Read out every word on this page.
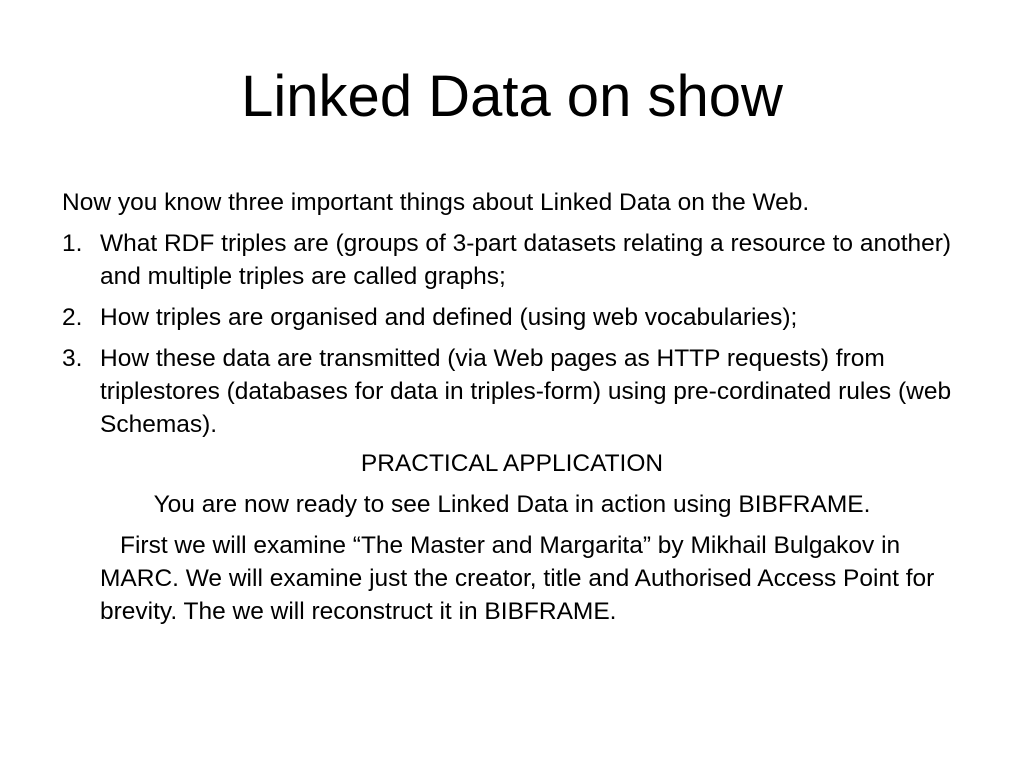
Linked Data on show

Now you know three important things about Linked Data on the Web.

1. What RDF triples are (groups of 3-part datasets relating a resource to another) and multiple triples are called graphs;
2. How triples are organised and defined (using web vocabularies);
3. How these data are transmitted (via Web pages as HTTP requests) from triplestores (databases for data in triples-form) using pre-cordinated rules (web Schemas).

PRACTICAL APPLICATION

You are now ready to see Linked Data in action using BIBFRAME.

First we will examine “The Master and Margarita” by Mikhail Bulgakov in MARC. We will examine just the creator, title and Authorised Access Point for brevity. The we will reconstruct it in BIBFRAME.
